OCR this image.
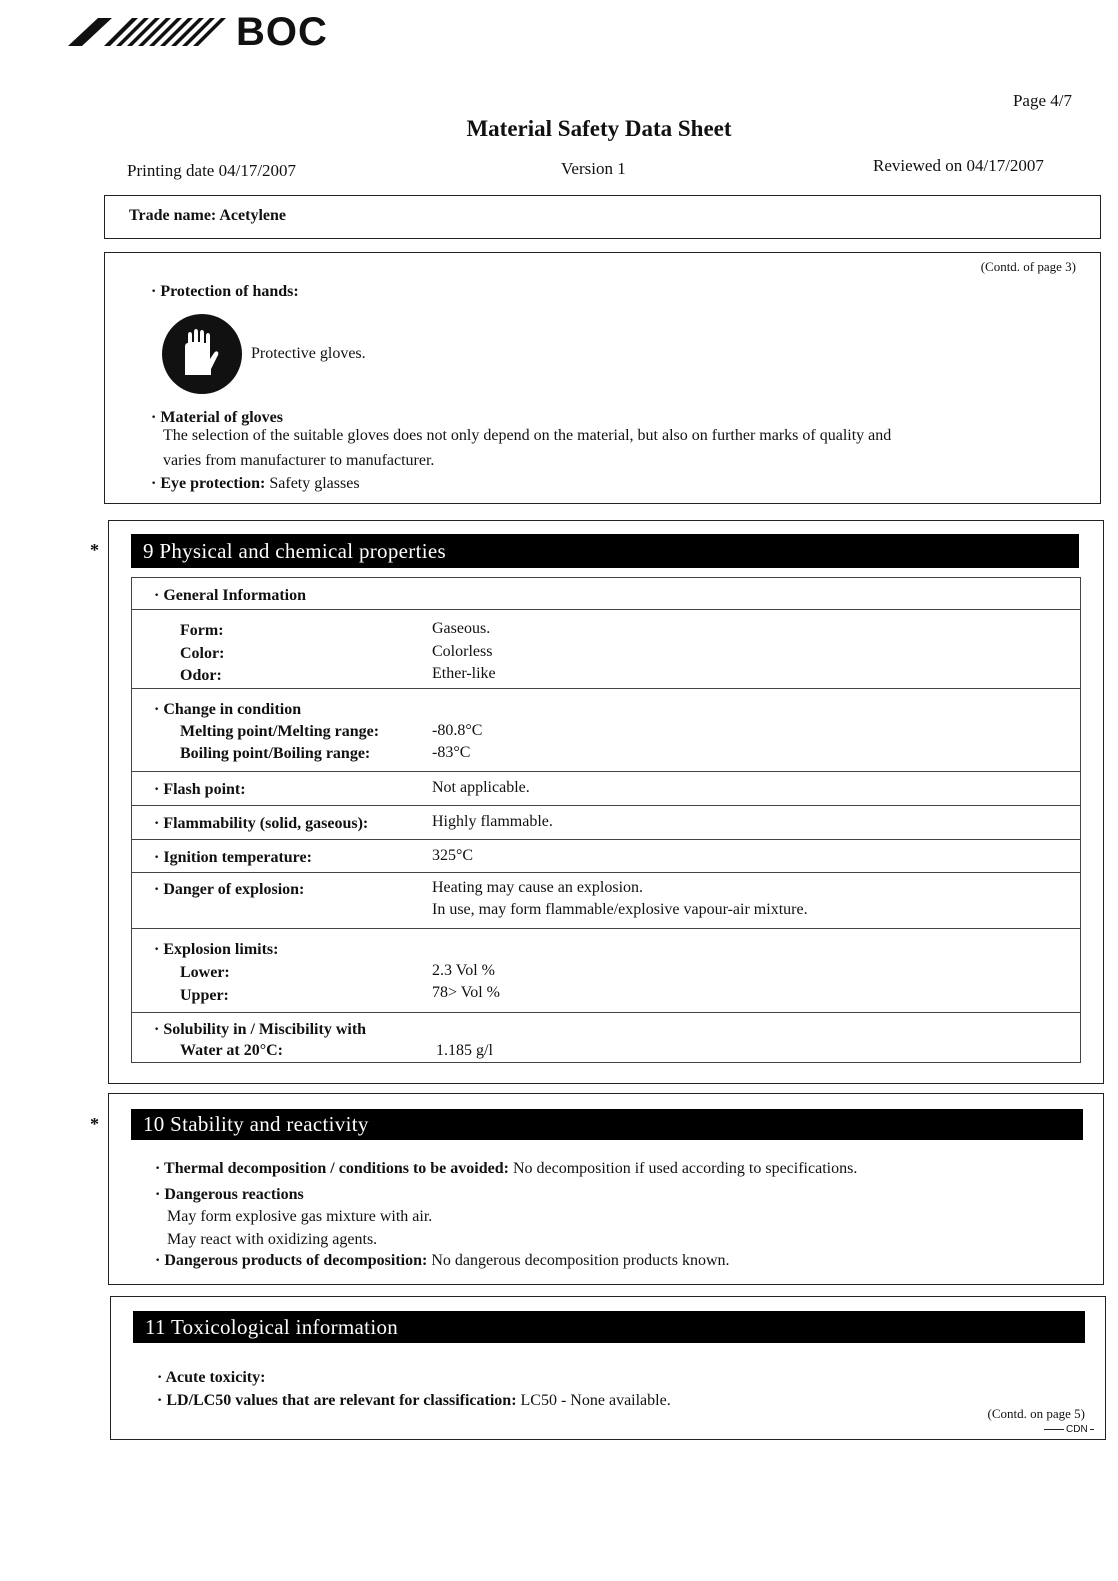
BOC
Page 4/7
Material Safety Data Sheet
Printing date 04/17/2007	Version 1	Reviewed on 04/17/2007
Trade name: Acetylene
(Contd. of page 3)
· Protection of hands:
Protective gloves.
· Material of gloves
The selection of the suitable gloves does not only depend on the material, but also on further marks of quality and
varies from manufacturer to manufacturer.
· Eye protection: Safety glasses
*	9 Physical and chemical properties
· General Information
Form:	Gaseous.
Color:	Colorless
Odor:	Ether-like
· Change in condition
Melting point/Melting range:	-80.8°C
Boiling point/Boiling range:	-83°C
· Flash point:	Not applicable.
· Flammability (solid, gaseous):	Highly flammable.
· Ignition temperature:	325°C
· Danger of explosion:	Heating may cause an explosion.
In use, may form flammable/explosive vapour-air mixture.
· Explosion limits:
Lower:	2.3 Vol %
Upper:	78> Vol %
· Solubility in / Miscibility with
Water at 20°C:	1.185 g/l
*	10 Stability and reactivity
· Thermal decomposition / conditions to be avoided: No decomposition if used according to specifications.
· Dangerous reactions
May form explosive gas mixture with air.
May react with oxidizing agents.
· Dangerous products of decomposition: No dangerous decomposition products known.
11 Toxicological information
· Acute toxicity:
· LD/LC50 values that are relevant for classification: LC50 - None available.
(Contd. on page 5)
CDN
